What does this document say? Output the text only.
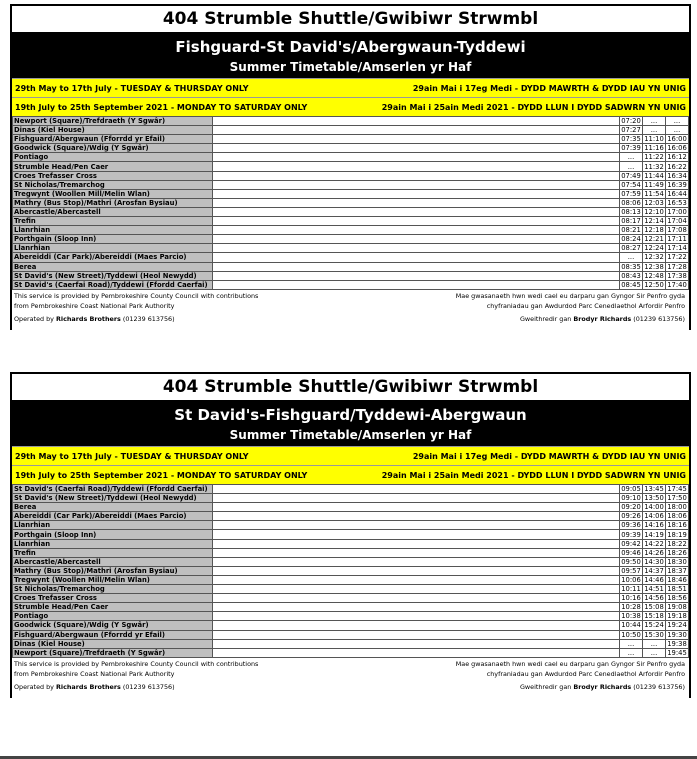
404 Strumble Shuttle/Gwibiwr Strwmbl
Fishguard-St David's/Abergwaun-Tyddewi
Summer Timetable/Amserlen yr Haf
29th May to 17th July - TUESDAY & THURSDAY ONLY	29ain Mai i 17eg Medi - DYDD MAWRTH & DYDD IAU YN UNIG
19th July to 25th September 2021 - MONDAY TO SATURDAY ONLY	29ain Mai i 25ain Medi 2021 - DYDD LLUN I DYDD SADWRN YN UNIG
Newport (Square)/Trefdraeth (Y Sgwâr)		07:20	...	...
Dinas (Kiel House)		07:27	...	...
Fishguard/Abergwaun (Fforrdd yr Efail)		07:35	11:10	16:00
Goodwick (Square)/Wdig (Y Sgwâr)		07:39	11:16	16:06
Pontiago		...	11:22	16:12
Strumble Head/Pen Caer		...	11:32	16:22
Croes Trefasser Cross		07:49	11:44	16:34
St Nicholas/Tremarchog		07:54	11:49	16:39
Tregwynt (Woollen Mill/Melin Wlan)		07:59	11:54	16:44
Mathry (Bus Stop)/Mathri (Arosfan Bysiau)		08:06	12:03	16:53
Abercastle/Abercastell		08:13	12:10	17:00
Trefin		08:17	12:14	17:04
Llanrhian		08:21	12:18	17:08
Porthgain (Sloop Inn)		08:24	12:21	17:11
Llanrhian		08:27	12:24	17:14
Abereiddi (Car Park)/Abereiddi (Maes Parcio)		...	12:32	17:22
Berea		08:35	12:38	17:28
St David's (New Street)/Tyddewi (Heol Newydd)		08:43	12:48	17:38
St David's (Caerfai Road)/Tyddewi (Ffordd Caerfai)		08:45	12:50	17:40
This service is provided by Pembrokeshire County Council with contributions
from Pembrokeshire Coast National Park Authority
Operated by Richards Brothers (01239 613756)
Mae gwasanaeth hwn wedi cael eu darparu gan Gyngor Sir Penfro gyda
chyfraniadau gan Awdurdod Parc Cenedlaethol Arfordir Penfro
Gweithredir gan Brodyr Richards (01239 613756)
404 Strumble Shuttle/Gwibiwr Strwmbl
St David's-Fishguard/Tyddewi-Abergwaun
Summer Timetable/Amserlen yr Haf
29th May to 17th July - TUESDAY & THURSDAY ONLY	29ain Mai i 17eg Medi - DYDD MAWRTH & DYDD IAU YN UNIG
19th July to 25th September 2021 - MONDAY TO SATURDAY ONLY	29ain Mai i 25ain Medi 2021 - DYDD LLUN I DYDD SADWRN YN UNIG
St David's (Caerfai Road)/Tyddewi (Ffordd Caerfai)		09:05	13:45	17:45
St David's (New Street)/Tyddewi (Heol Newydd)		09:10	13:50	17:50
Berea		09:20	14:00	18:00
Abereiddi (Car Park)/Abereiddi (Maes Parcio)		09:26	14:06	18:06
Llanrhian		09:36	14:16	18:16
Porthgain (Sloop Inn)		09:39	14:19	18:19
Llanrhian		09:42	14:22	18:22
Trefin		09:46	14:26	18:26
Abercastle/Abercastell		09:50	14:30	18:30
Mathry (Bus Stop)/Mathri (Arosfan Bysiau)		09:57	14:37	18:37
Tregwynt (Woollen Mill/Melin Wlan)		10:06	14:46	18:46
St Nicholas/Tremarchog		10:11	14:51	18:51
Croes Trefasser Cross		10:16	14:56	18:56
Strumble Head/Pen Caer		10:28	15:08	19:08
Pontiago		10:38	15:18	19:18
Goodwick (Square)/Wdig (Y Sgwâr)		10:44	15:24	19:24
Fishguard/Abergwaun (Fforrdd yr Efail)		10:50	15:30	19:30
Dinas (Kiel House)		...	...	19:38
Newport (Square)/Trefdraeth (Y Sgwâr)		...	...	19:45
This service is provided by Pembrokeshire County Council with contributions
from Pembrokeshire Coast National Park Authority
Operated by Richards Brothers (01239 613756)
Mae gwasanaeth hwn wedi cael eu darparu gan Gyngor Sir Penfro gyda
chyfraniadau gan Awdurdod Parc Cenedlaethol Arfordir Penfro
Gweithredir gan Brodyr Richards (01239 613756)
